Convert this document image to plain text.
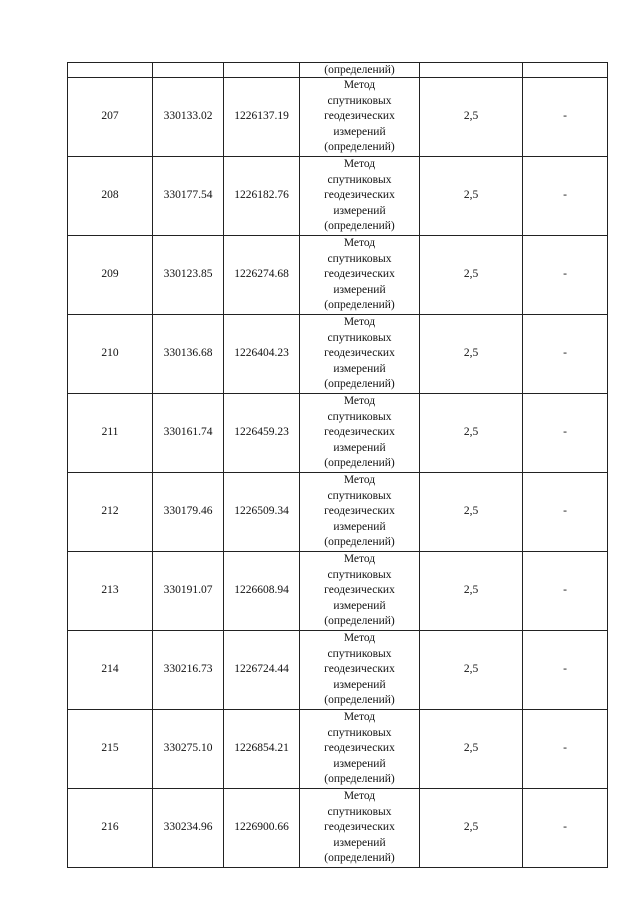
			(определений)		
207	330133.02	1226137.19	Метод
спутниковых
геодезических
измерений
(определений)	2,5	-
208	330177.54	1226182.76	Метод
спутниковых
геодезических
измерений
(определений)	2,5	-
209	330123.85	1226274.68	Метод
спутниковых
геодезических
измерений
(определений)	2,5	-
210	330136.68	1226404.23	Метод
спутниковых
геодезических
измерений
(определений)	2,5	-
211	330161.74	1226459.23	Метод
спутниковых
геодезических
измерений
(определений)	2,5	-
212	330179.46	1226509.34	Метод
спутниковых
геодезических
измерений
(определений)	2,5	-
213	330191.07	1226608.94	Метод
спутниковых
геодезических
измерений
(определений)	2,5	-
214	330216.73	1226724.44	Метод
спутниковых
геодезических
измерений
(определений)	2,5	-
215	330275.10	1226854.21	Метод
спутниковых
геодезических
измерений
(определений)	2,5	-
216	330234.96	1226900.66	Метод
спутниковых
геодезических
измерений
(определений)	2,5	-
